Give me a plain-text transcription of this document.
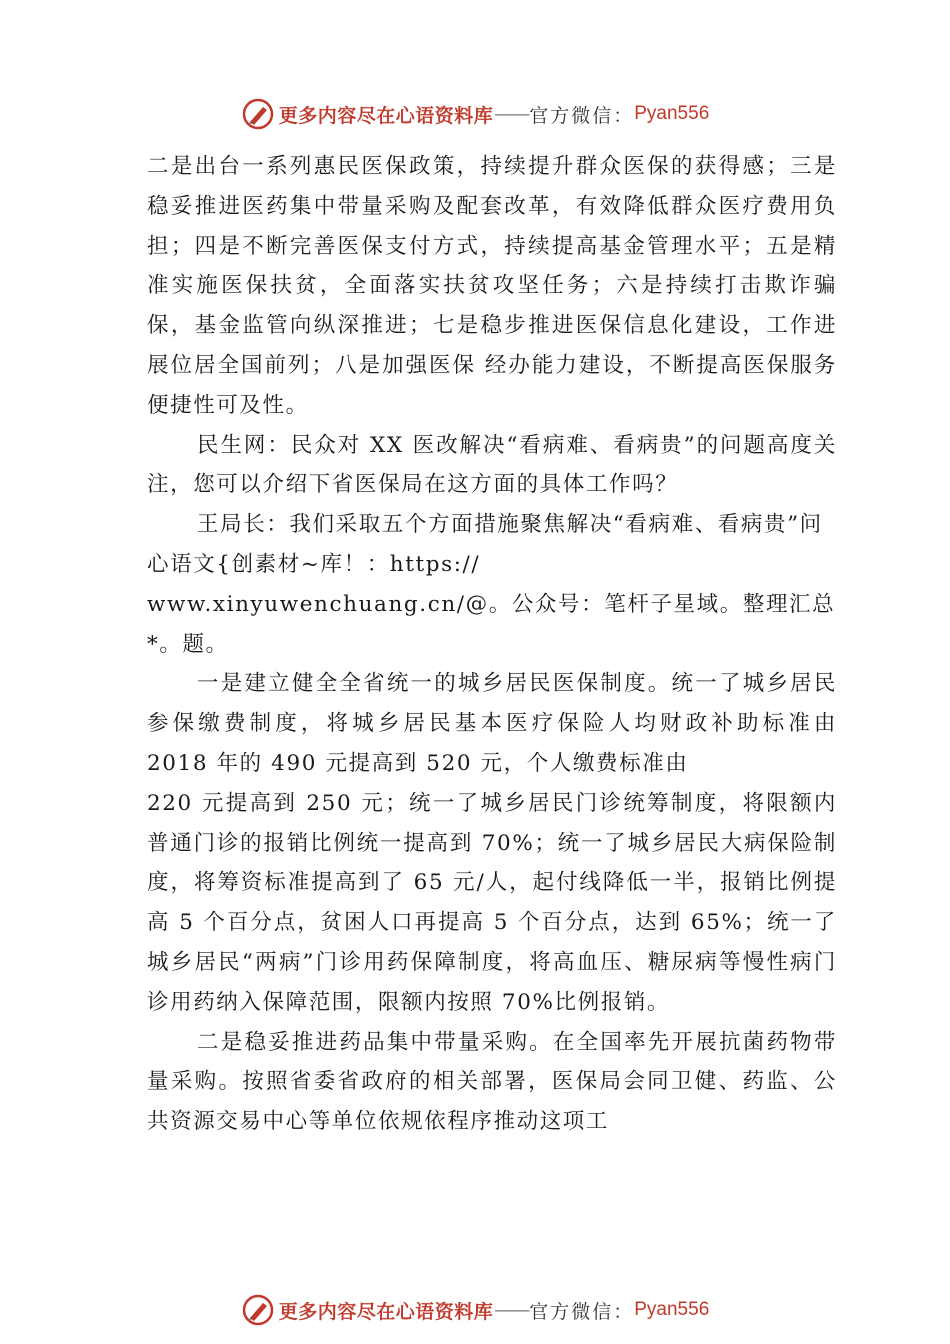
更多内容尽在心语资料库 —— 官方微信： Pyan556

二是出台一系列惠民医保政策，持续提升群众医保的获得感；三是稳妥推进医药集中带量采购及配套改革，有效降低群众医疗费用负担；四是不断完善医保支付方式，持续提高基金管理水平；五是精准实施医保扶贫，全面落实扶贫攻坚任务；六是持续打击欺诈骗保，基金监管向纵深推进；七是稳步推进医保信息化建设，工作进展位居全国前列；八是加强医保 经办能力建设，不断提高医保服务便捷性可及性。

民生网：民众对 XX 医改解决“看病难、看病贵”的问题高度关注，您可以介绍下省医保局在这方面的具体工作吗？

王局长：我们采取五个方面措施聚焦解决“看病难、看病贵”问心语文{创素材~库！：https://

www.xinyuwenchuang.cn/@。公众号：笔杆子星域。整理汇总*。题。

一是建立健全全省统一的城乡居民医保制度。统一了城乡居民参保缴费制度，将城乡居民基本医疗保险人均财政补助标准由 2018 年的 490 元提高到 520 元，个人缴费标准由

220 元提高到 250 元；统一了城乡居民门诊统筹制度，将限额内普通门诊的报销比例统一提高到 70%；统一了城乡居民大病保险制度，将筹资标准提高到了 65 元/人，起付线降低一半，报销比例提高 5 个百分点，贫困人口再提高 5 个百分点，达到 65%；统一了城乡居民“两病”门诊用药保障制度，将高血压、糖尿病等慢性病门诊用药纳入保障范围，限额内按照 70%比例报销。

二是稳妥推进药品集中带量采购。在全国率先开展抗菌药物带量采购。按照省委省政府的相关部署，医保局会同卫健、药监、公共资源交易中心等单位依规依程序推动这项工

更多内容尽在心语资料库 —— 官方微信： Pyan556
